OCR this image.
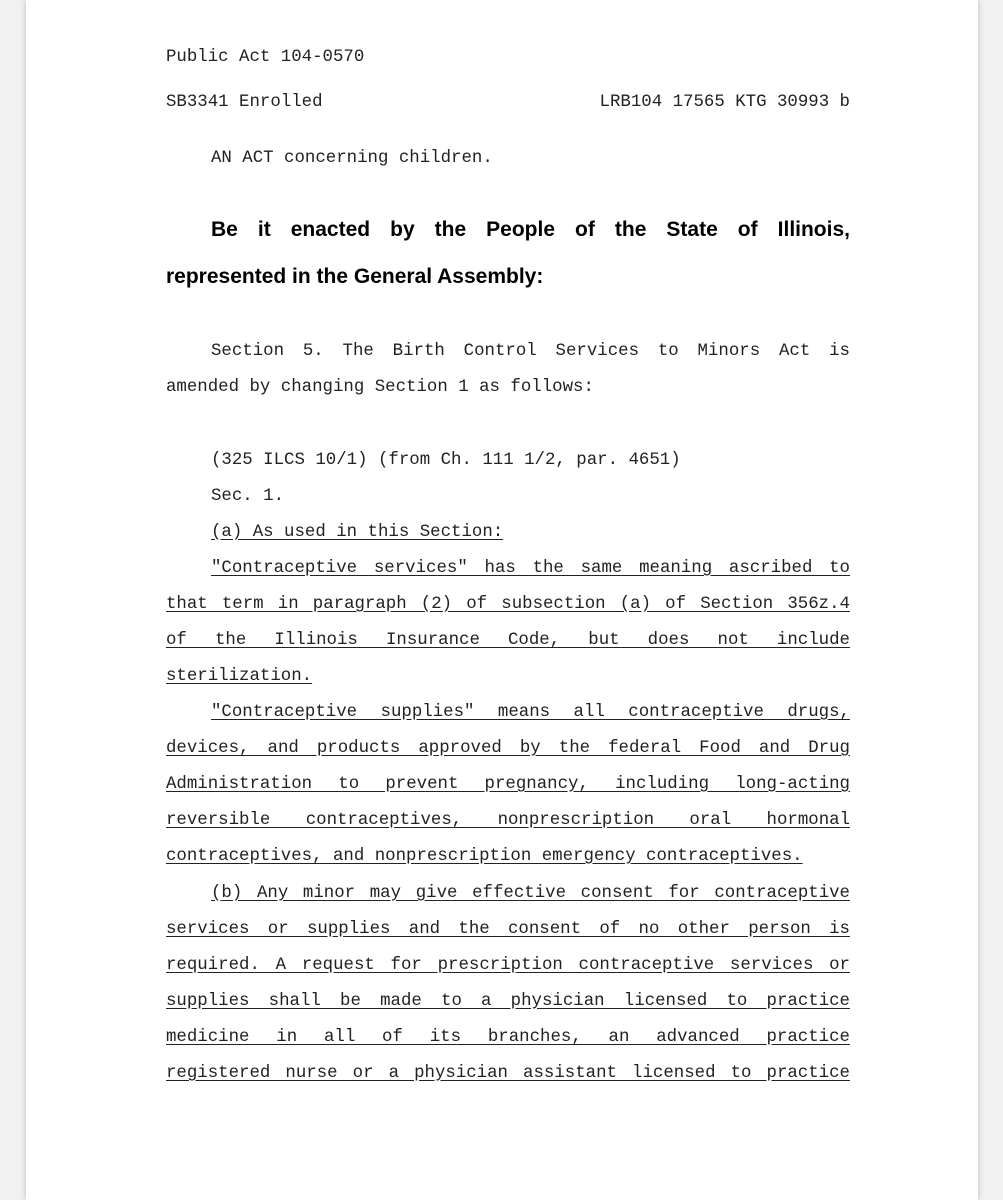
Public Act 104-0570
SB3341 Enrolled	LRB104 17565 KTG 30993 b
AN ACT concerning children.
Be it enacted by the People of the State of Illinois,
represented in the General Assembly:
Section 5. The Birth Control Services to Minors Act is
amended by changing Section 1 as follows:
(325 ILCS 10/1) (from Ch. 111 1/2, par. 4651)
Sec. 1.
(a) As used in this Section:
"Contraceptive services" has the same meaning ascribed to
that term in paragraph (2) of subsection (a) of Section 356z.4
of the Illinois Insurance Code, but does not include
sterilization.
"Contraceptive supplies" means all contraceptive drugs,
devices, and products approved by the federal Food and Drug
Administration to prevent pregnancy, including long-acting
reversible contraceptives, nonprescription oral hormonal
contraceptives, and nonprescription emergency contraceptives.
(b) Any minor may give effective consent for contraceptive
services or supplies and the consent of no other person is
required. A request for prescription contraceptive services or
supplies shall be made to a physician licensed to practice
medicine in all of its branches, an advanced practice
registered nurse or a physician assistant licensed to practice
